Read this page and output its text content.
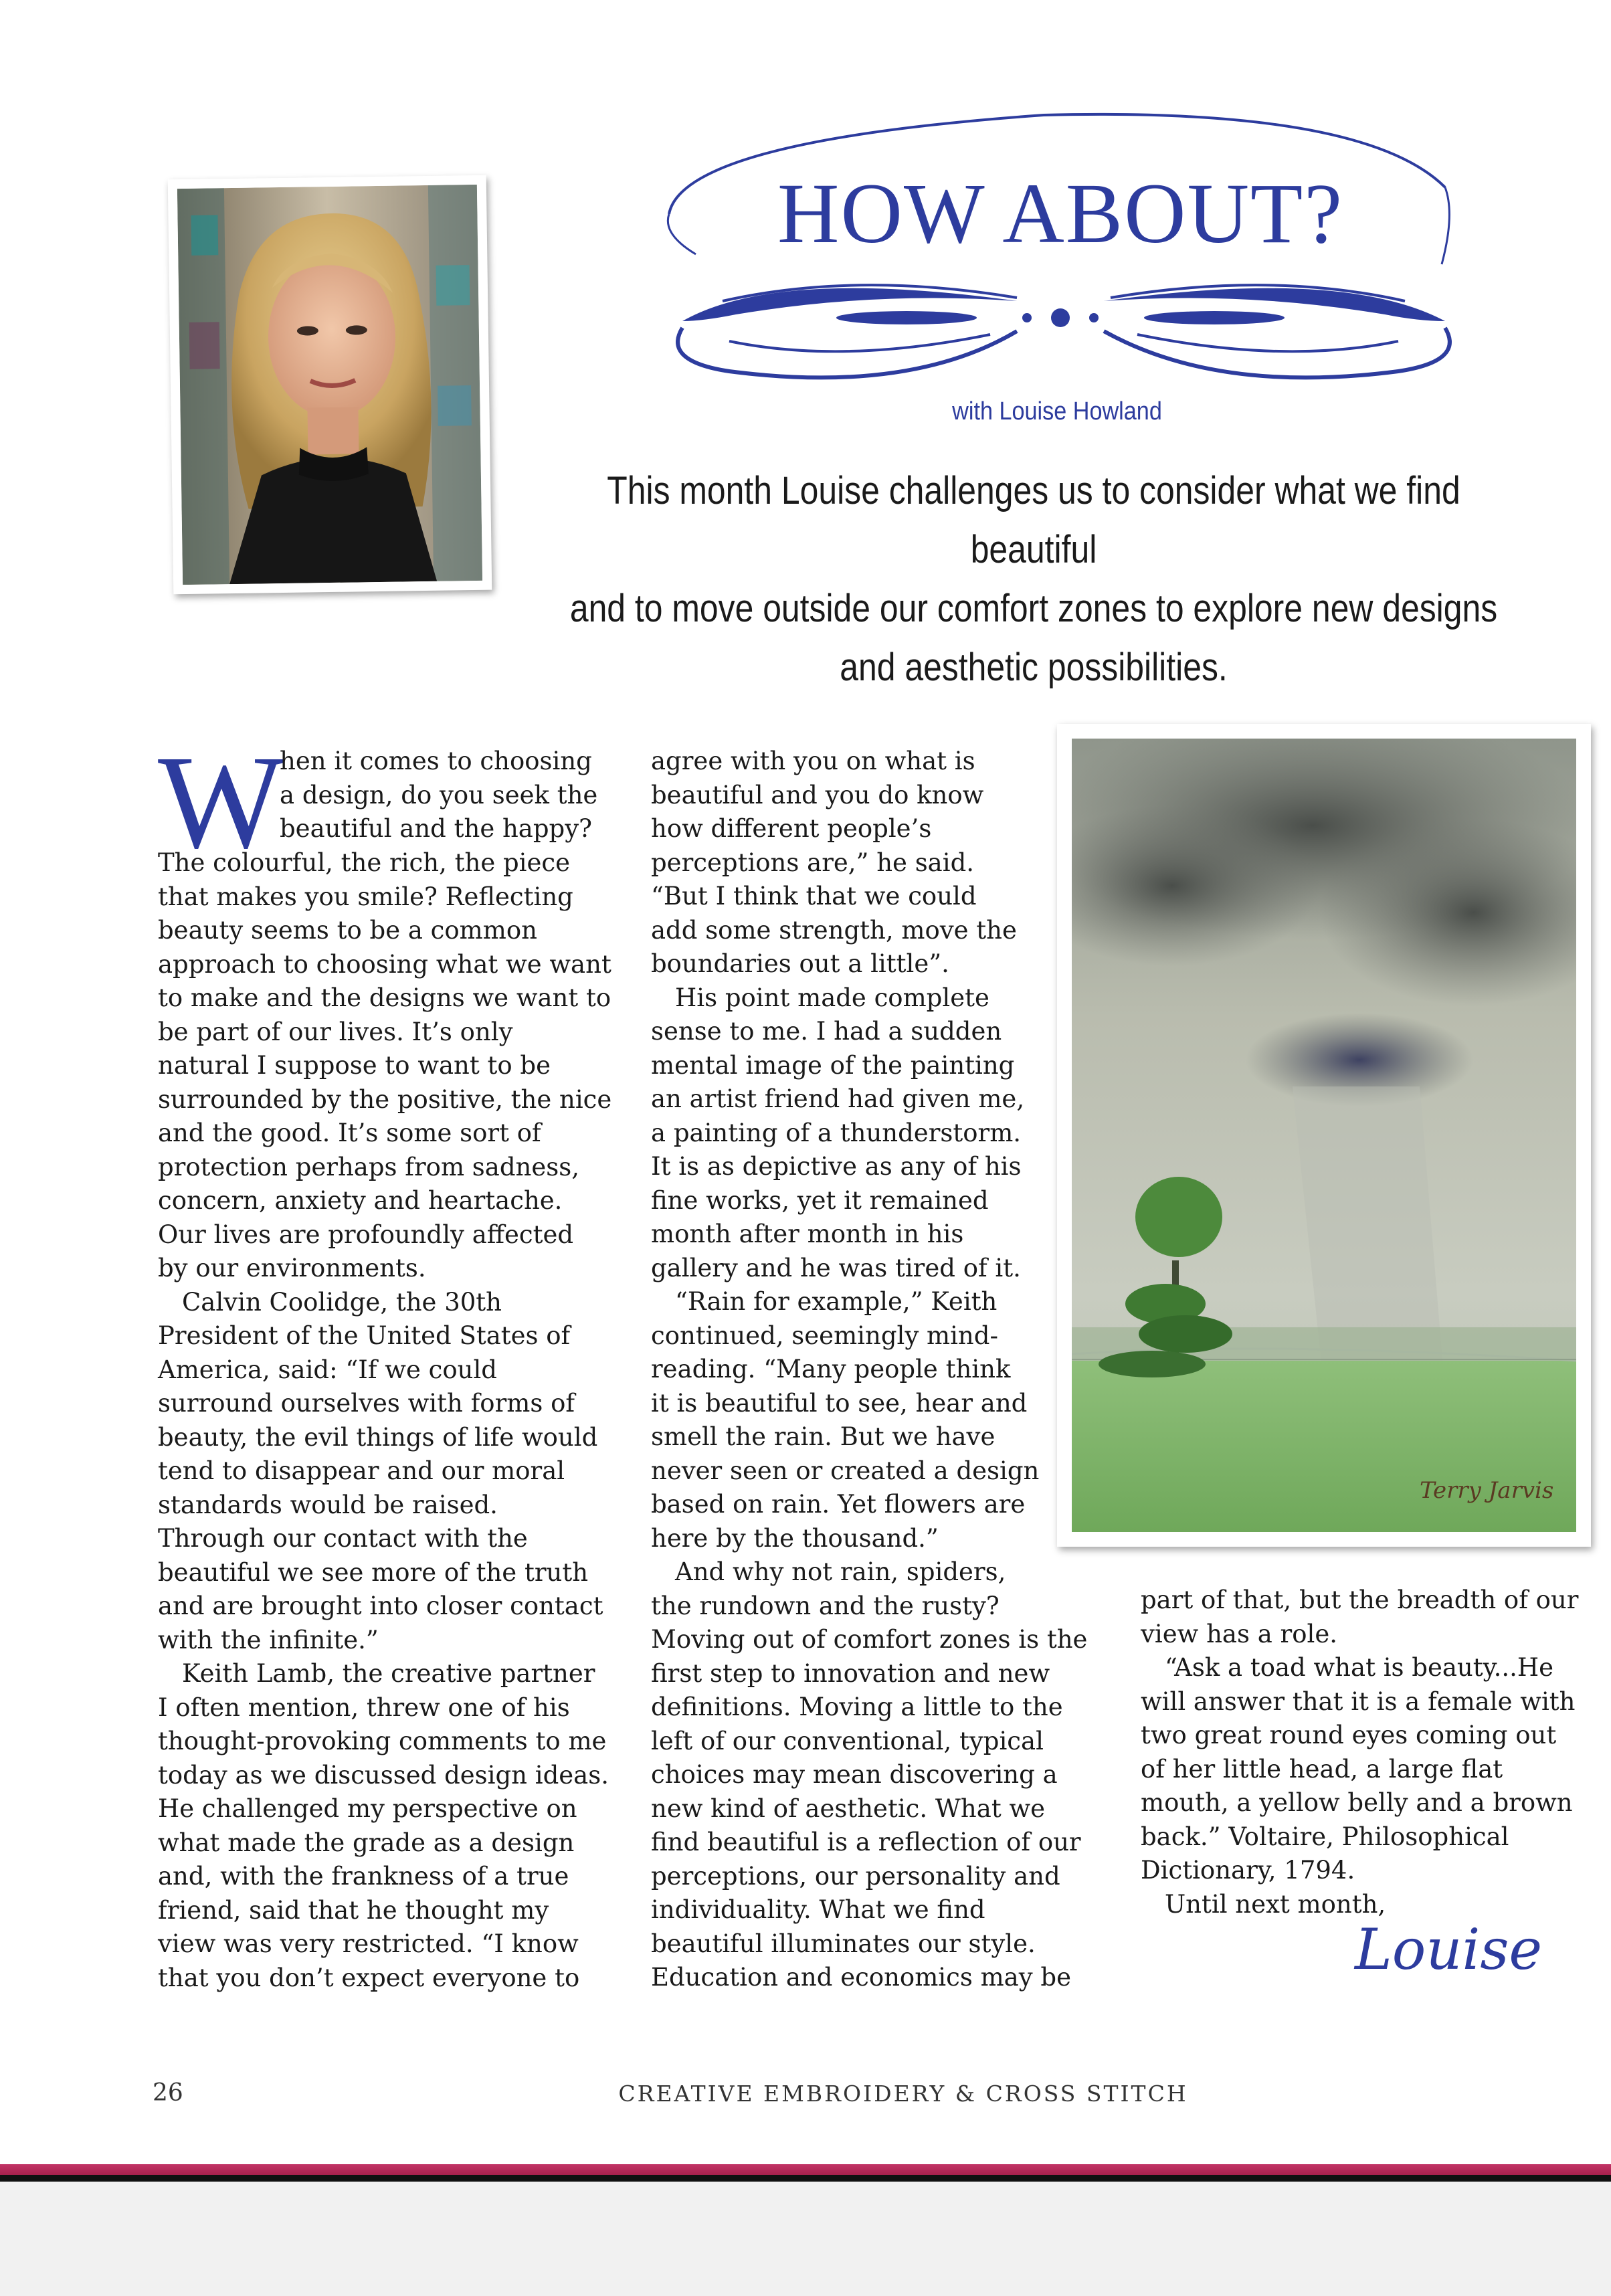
HOW ABOUT?
with Louise Howland
This month Louise challenges us to consider what we find beautiful
and to move outside our comfort zones to explore new designs
and aesthetic possibilities.
W
hen it comes to choosing
a design, do you seek the
beautiful and the happy?
The colourful, the rich, the piece
that makes you smile? Reflecting
beauty seems to be a common
approach to choosing what we want
to make and the designs we want to
be part of our lives. It’s only
natural I suppose to want to be
surrounded by the positive, the nice
and the good. It’s some sort of
protection perhaps from sadness,
concern, anxiety and heartache.
Our lives are profoundly affected
by our environments.
Calvin Coolidge, the 30th
President of the United States of
America, said: “If we could
surround ourselves with forms of
beauty, the evil things of life would
tend to disappear and our moral
standards would be raised.
Through our contact with the
beautiful we see more of the truth
and are brought into closer contact
with the infinite.”
Keith Lamb, the creative partner
I often mention, threw one of his
thought-provoking comments to me
today as we discussed design ideas.
He challenged my perspective on
what made the grade as a design
and, with the frankness of a true
friend, said that he thought my
view was very restricted. “I know
that you don’t expect everyone to
agree with you on what is
beautiful and you do know
how different people’s
perceptions are,” he said.
“But I think that we could
add some strength, move the
boundaries out a little”.
His point made complete
sense to me. I had a sudden
mental image of the painting
an artist friend had given me,
a painting of a thunderstorm.
It is as depictive as any of his
fine works, yet it remained
month after month in his
gallery and he was tired of it.
“Rain for example,” Keith
continued, seemingly mind-
reading. “Many people think
it is beautiful to see, hear and
smell the rain. But we have
never seen or created a design
based on rain. Yet flowers are
here by the thousand.”
And why not rain, spiders,
the rundown and the rusty?
Moving out of comfort zones is the
first step to innovation and new
definitions. Moving a little to the
left of our conventional, typical
choices may mean discovering a
new kind of aesthetic. What we
find beautiful is a reflection of our
perceptions, our personality and
individuality. What we find
beautiful illuminates our style.
Education and economics may be
part of that, but the breadth of our
view has a role.
“Ask a toad what is beauty...He
will answer that it is a female with
two great round eyes coming out
of her little head, a large flat
mouth, a yellow belly and a brown
back.” Voltaire, Philosophical
Dictionary, 1794.
Until next month,
Terry Jarvis
Louise
26	CREATIVE EMBROIDERY & CROSS STITCH
